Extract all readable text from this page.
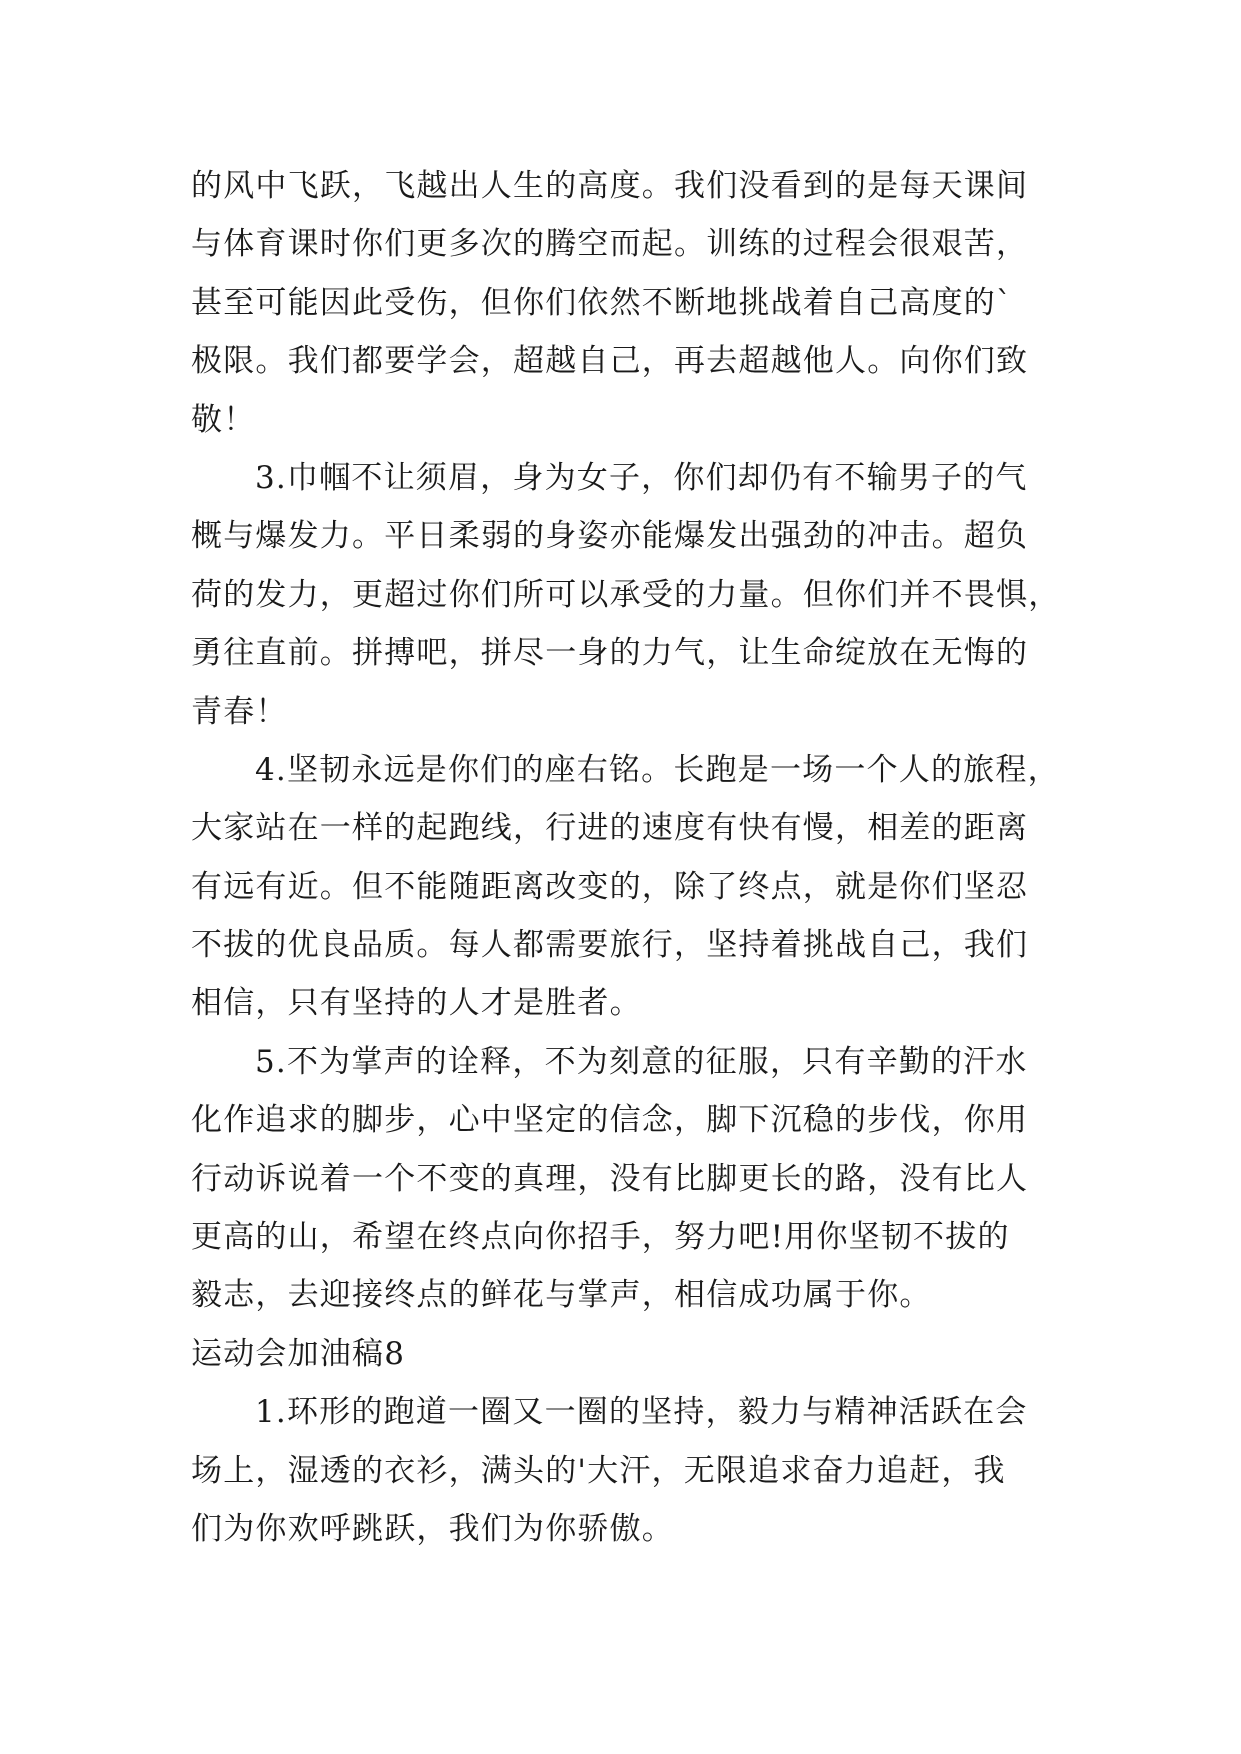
的风中飞跃，飞越出人生的高度。我们没看到的是每天课间
与体育课时你们更多次的腾空而起。训练的过程会很艰苦，
甚至可能因此受伤，但你们依然不断地挑战着自己高度的`
极限。我们都要学会，超越自己，再去超越他人。向你们致
敬！
3.巾帼不让须眉，身为女子，你们却仍有不输男子的气
概与爆发力。平日柔弱的身姿亦能爆发出强劲的冲击。超负
荷的发力，更超过你们所可以承受的力量。但你们并不畏惧，
勇往直前。拼搏吧，拼尽一身的力气，让生命绽放在无悔的
青春！
4.坚韧永远是你们的座右铭。长跑是一场一个人的旅程，
大家站在一样的起跑线，行进的速度有快有慢，相差的距离
有远有近。但不能随距离改变的，除了终点，就是你们坚忍
不拔的优良品质。每人都需要旅行，坚持着挑战自己，我们
相信，只有坚持的人才是胜者。
5.不为掌声的诠释，不为刻意的征服，只有辛勤的汗水
化作追求的脚步，心中坚定的信念，脚下沉稳的步伐，你用
行动诉说着一个不变的真理，没有比脚更长的路，没有比人
更高的山，希望在终点向你招手，努力吧!用你坚韧不拔的
毅志，去迎接终点的鲜花与掌声，相信成功属于你。
运动会加油稿8
1.环形的跑道一圈又一圈的坚持，毅力与精神活跃在会
场上，湿透的衣衫，满头的'大汗，无限追求奋力追赶，我
们为你欢呼跳跃，我们为你骄傲。
